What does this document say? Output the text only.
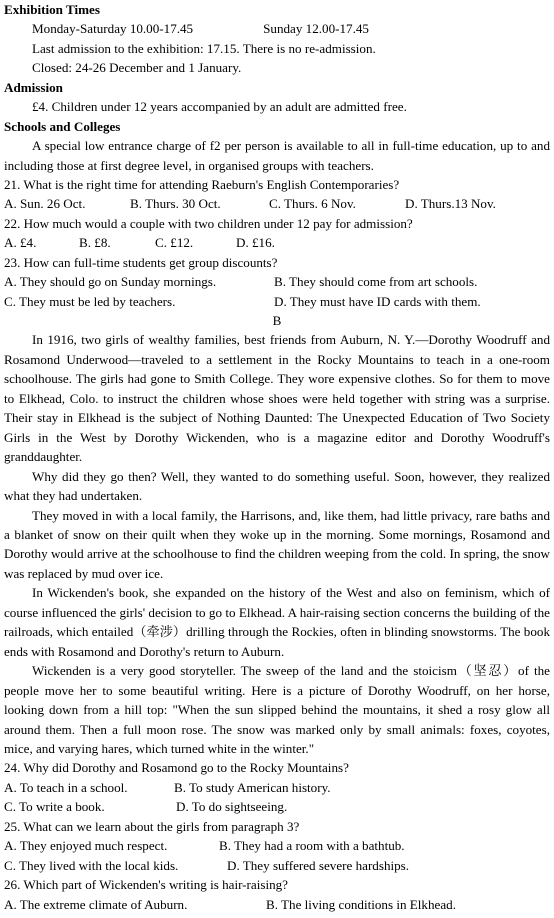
Exhibition Times
Monday-Saturday 10.00-17.45	Sunday 12.00-17.45
Last admission to the exhibition: 17.15. There is no re-admission.
Closed: 24-26 December and 1 January.
Admission
£4. Children under 12 years accompanied by an adult are admitted free.
Schools and Colleges
A special low entrance charge of f2 per person is available to all in full-time education, up to and including those at first degree level, in organised groups with teachers.
21. What is the right time for attending Raeburn's English Contemporaries?
A. Sun. 26 Oct.	B. Thurs. 30 Oct.	C. Thurs. 6 Nov.	D. Thurs.13 Nov.
22. How much would a couple with two children under 12 pay for admission?
A. £4.	B. £8.	C. £12.	D. £16.
23. How can full-time students get group discounts?
A. They should go on Sunday mornings.	B. They should come from art schools.
C. They must be led by teachers.	D. They must have ID cards with them.
B
In 1916, two girls of wealthy families, best friends from Auburn, N. Y.—Dorothy Woodruff and Rosamond Underwood—traveled to a settlement in the Rocky Mountains to teach in a one-room schoolhouse. The girls had gone to Smith College. They wore expensive clothes. So for them to move to Elkhead, Colo. to instruct the children whose shoes were held together with string was a surprise. Their stay in Elkhead is the subject of Nothing Daunted: The Unexpected Education of Two Society Girls in the West by Dorothy Wickenden, who is a magazine editor and Dorothy Woodruff's granddaughter.
Why did they go then? Well, they wanted to do something useful. Soon, however, they realized what they had undertaken.
They moved in with a local family, the Harrisons, and, like them, had little privacy, rare baths and a blanket of snow on their quilt when they woke up in the morning. Some mornings, Rosamond and Dorothy would arrive at the schoolhouse to find the children weeping from the cold. In spring, the snow was replaced by mud over ice.
In Wickenden's book, she expanded on the history of the West and also on feminism, which of course influenced the girls' decision to go to Elkhead. A hair-raising section concerns the building of the railroads, which entailed（牵涉）drilling through the Rockies, often in blinding snowstorms. The book ends with Rosamond and Dorothy's return to Auburn.
Wickenden is a very good storyteller. The sweep of the land and the stoicism（坚忍）of the people move her to some beautiful writing. Here is a picture of Dorothy Woodruff, on her horse, looking down from a hill top: "When the sun slipped behind the mountains, it shed a rosy glow all around them. Then a full moon rose. The snow was marked only by small animals: foxes, coyotes, mice, and varying hares, which turned white in the winter."
24. Why did Dorothy and Rosamond go to the Rocky Mountains?
A. To teach in a school.	B. To study American history.
C. To write a book.	D. To do sightseeing.
25. What can we learn about the girls from paragraph 3?
A. They enjoyed much respect.	B. They had a room with a bathtub.
C. They lived with the local kids.	D. They suffered severe hardships.
26. Which part of Wickenden's writing is hair-raising?
A. The extreme climate of Auburn.	B. The living conditions in Elkhead.
